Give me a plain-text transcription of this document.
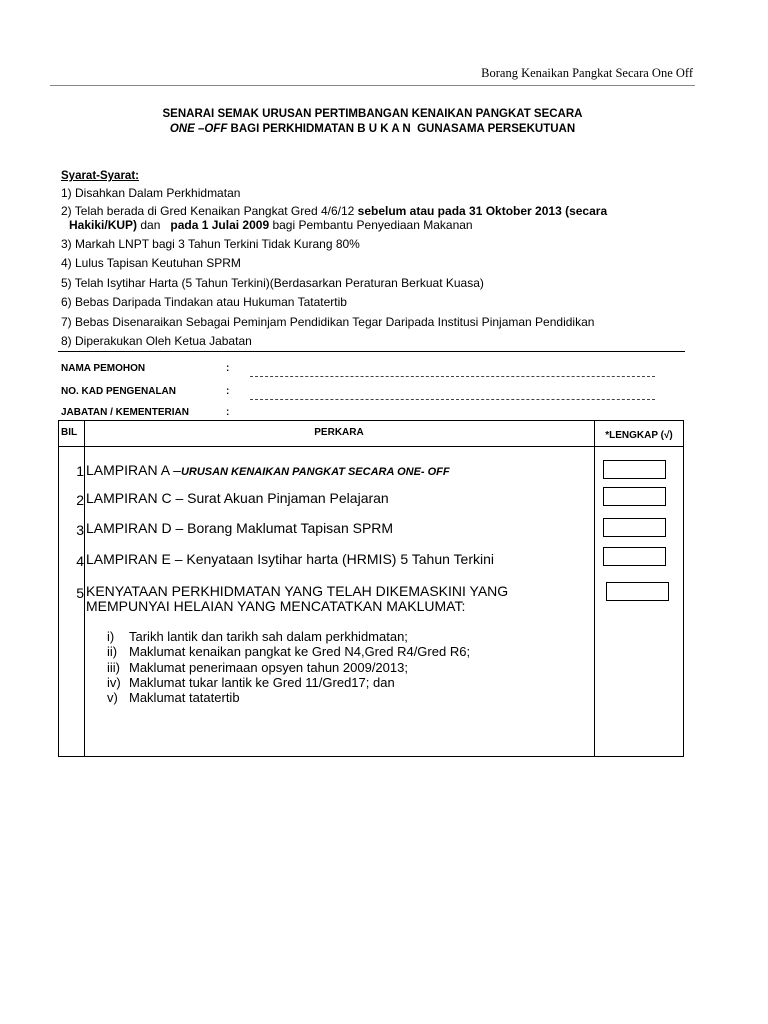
Borang Kenaikan Pangkat Secara One Off
SENARAI SEMAK URUSAN PERTIMBANGAN KENAIKAN PANGKAT SECARA
ONE –OFF BAGI PERKHIDMATAN B U K A N  GUNASAMA PERSEKUTUAN
Syarat-Syarat:
1) Disahkan Dalam Perkhidmatan
2) Telah berada di Gred Kenaikan Pangkat Gred 4/6/12 sebelum atau pada 31 Oktober 2013 (secara
Hakiki/KUP) dan   pada 1 Julai 2009 bagi Pembantu Penyediaan Makanan
3) Markah LNPT bagi 3 Tahun Terkini Tidak Kurang 80%
4) Lulus Tapisan Keutuhan SPRM
5) Telah Isytihar Harta (5 Tahun Terkini)(Berdasarkan Peraturan Berkuat Kuasa)
6) Bebas Daripada Tindakan atau Hukuman Tatatertib
7) Bebas Disenaraikan Sebagai Peminjam Pendidikan Tegar Daripada Institusi Pinjaman Pendidikan
8) Diperakukan Oleh Ketua Jabatan
NAMA PEMOHON	:
NO. KAD PENGENALAN	:
JABATAN / KEMENTERIAN	:
BIL	PERKARA	*LENGKAP (√)
1 LAMPIRAN A –URUSAN KENAIKAN PANGKAT SECARA ONE- OFF
2 LAMPIRAN C – Surat Akuan Pinjaman Pelajaran
3 LAMPIRAN D – Borang Maklumat Tapisan SPRM
4 LAMPIRAN E – Kenyataan Isytihar harta (HRMIS) 5 Tahun Terkini
5 KENYATAAN PERKHIDMATAN YANG TELAH DIKEMASKINI YANG
MEMPUNYAI HELAIAN YANG MENCATATKAN MAKLUMAT:
i) Tarikh lantik dan tarikh sah dalam perkhidmatan;
ii) Maklumat kenaikan pangkat ke Gred N4,Gred R4/Gred R6;
iii) Maklumat penerimaan opsyen tahun 2009/2013;
iv) Maklumat tukar lantik ke Gred 11/Gred17; dan
v) Maklumat tatatertib
